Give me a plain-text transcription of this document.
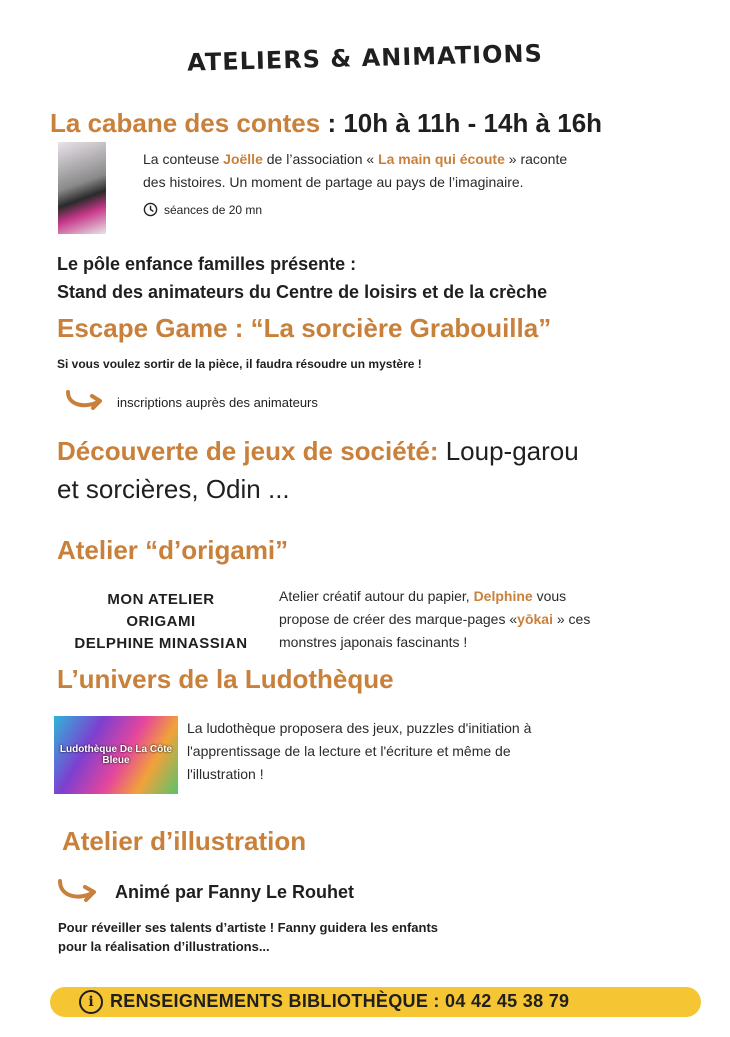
ATELIERS & ANIMATIONS
La cabane des contes : 10h à 11h - 14h à 16h
La conteuse Joëlle de l’association « La main qui écoute » raconte
des histoires. Un moment de partage au pays de l’imaginaire.
séances de 20 mn
Le pôle enfance familles présente :
Stand des animateurs du Centre de loisirs et de la crèche
Escape Game : “La sorcière Grabouilla”
Si vous voulez sortir de la pièce, il faudra résoudre un mystère !
inscriptions auprès des animateurs
Découverte de jeux de société: Loup-garou
et sorcières, Odin ...
Atelier “d’origami”
MON ATELIER
ORIGAMI
DELPHINE MINASSIAN
Atelier créatif autour du papier, Delphine vous
propose de créer des marque-pages «yōkai » ces
monstres japonais fascinants !
L’univers de la Ludothèque
Ludothèque De La Côte Bleue
La ludothèque proposera des jeux, puzzles d'initiation à
l'apprentissage de la lecture et l'écriture et même de
l'illustration !
Atelier d’illustration
Animé par Fanny Le Rouhet
Pour réveiller ses talents d’artiste ! Fanny guidera les enfants
pour la réalisation d’illustrations...
i RENSEIGNEMENTS BIBLIOTHÈQUE : 04 42 45 38 79
